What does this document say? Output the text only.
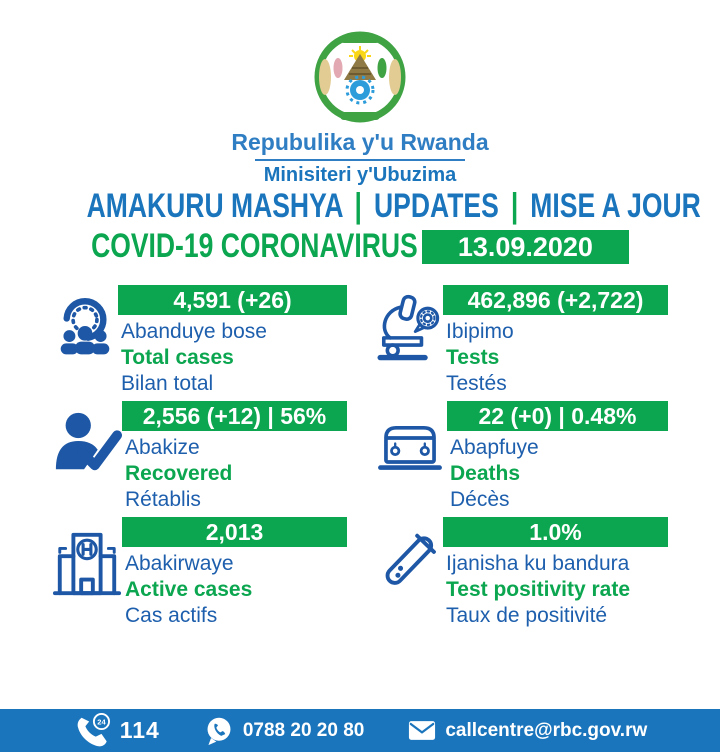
Repubulika y'u Rwanda
Minisiteri y'Ubuzima
AMAKURU MASHYA | UPDATES | MISE A JOUR
COVID-19 CORONAVIRUS	13.09.2020
4,591 (+26)
Abanduye bose
Total cases
Bilan total
462,896 (+2,722)
Ibipimo
Tests
Testés
2,556 (+12) | 56%
Abakize
Recovered
Rétablis
22 (+0) | 0.48%
Abapfuye
Deaths
Décès
2,013
Abakirwaye
Active cases
Cas actifs
1.0%
Ijanisha ku bandura
Test positivity rate
Taux de positivité
24 114	0788 20 20 80	callcentre@rbc.gov.rw
